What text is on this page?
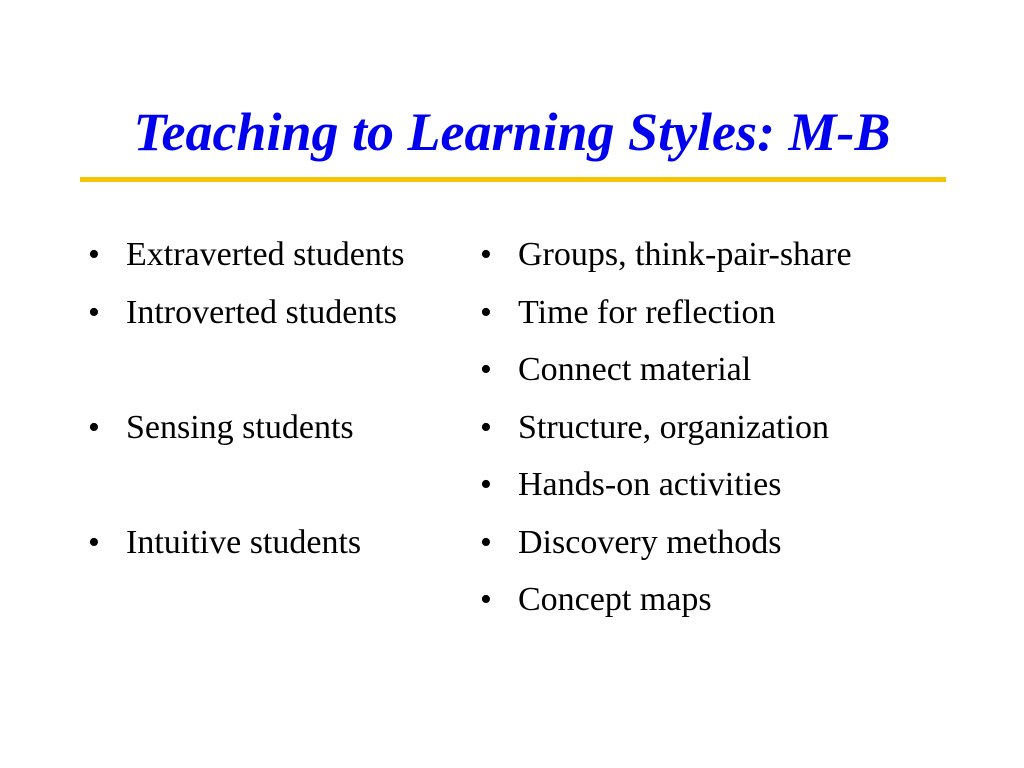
Teaching to Learning Styles: M-B
• Extraverted students
• Introverted students
• Sensing students
• Intuitive students
• Groups, think-pair-share
• Time for reflection
• Connect material
• Structure, organization
• Hands-on activities
• Discovery methods
• Concept maps
